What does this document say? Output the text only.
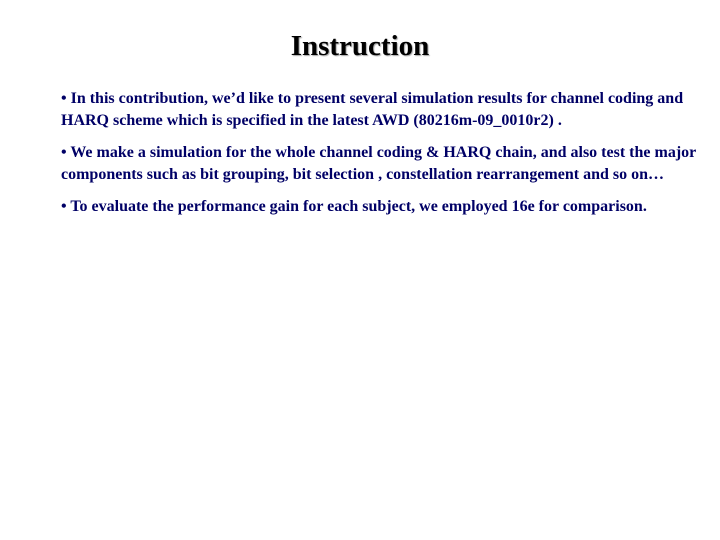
Instruction
• In this contribution, we’d like to present several simulation results for channel coding and HARQ scheme which is specified in the latest AWD (80216m-09_0010r2) .
• We make a simulation for the whole channel coding & HARQ chain, and also test the major components such as bit grouping, bit selection , constellation rearrangement and so on…
• To evaluate the performance gain for each subject, we employed 16e for comparison.
